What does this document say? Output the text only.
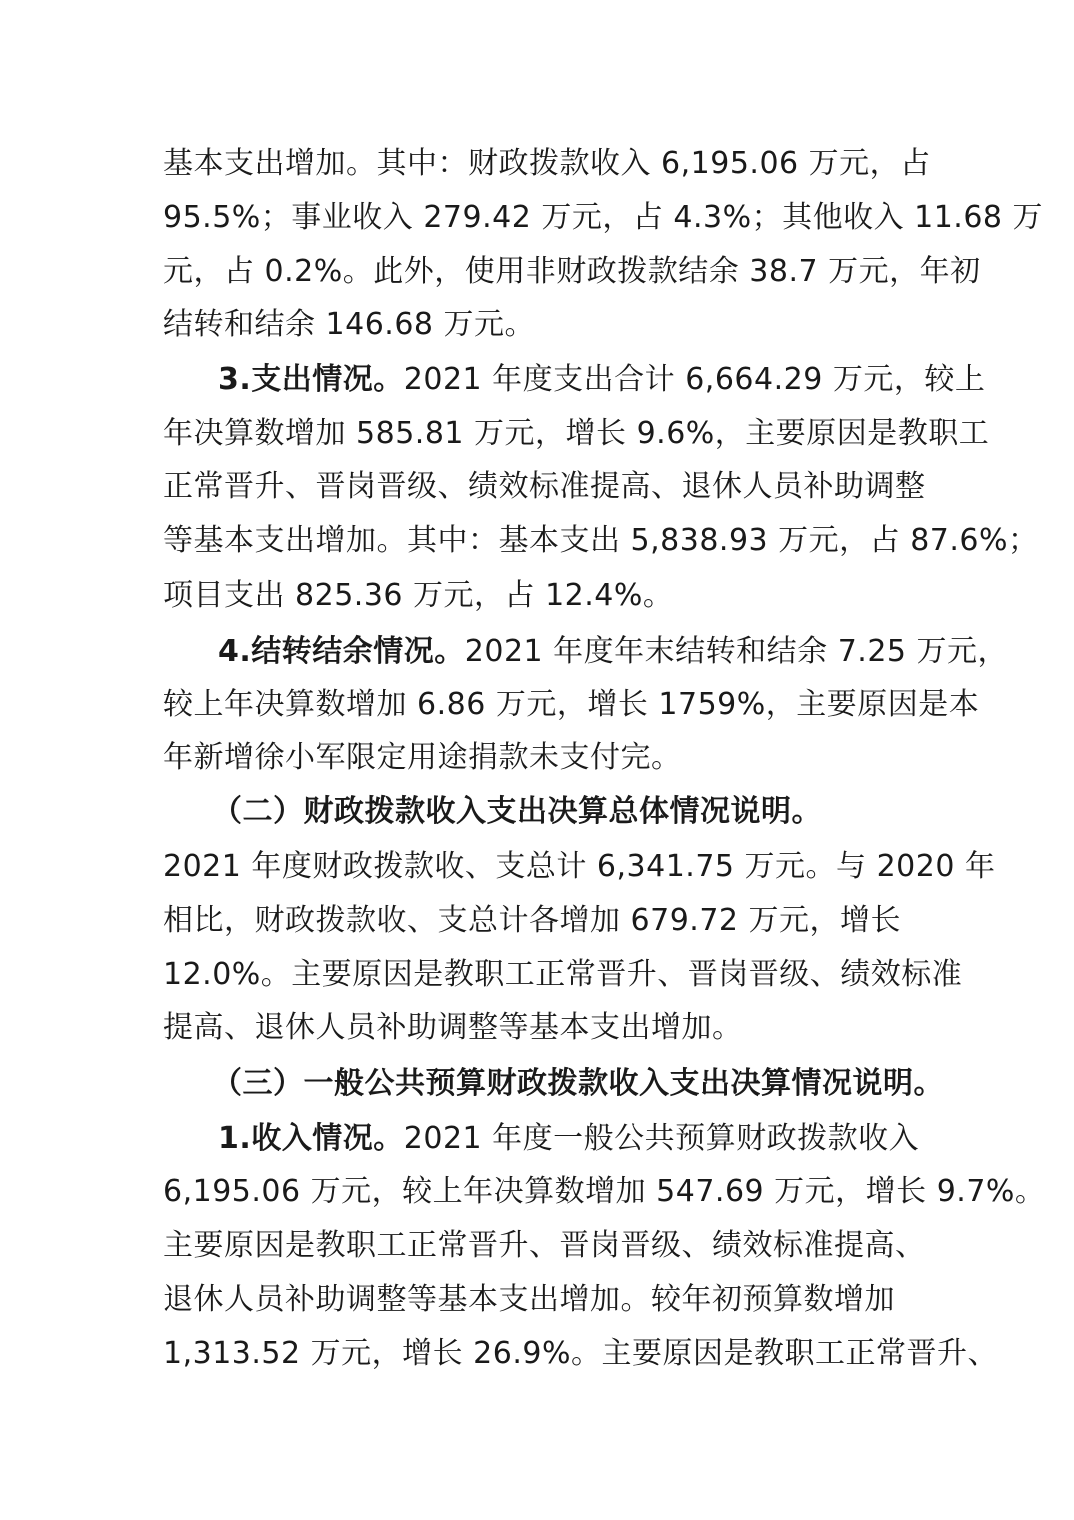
基本支出增加。其中：财政拨款收入 6,195.06 万元，占
95.5%；事业收入 279.42 万元，占 4.3%；其他收入 11.68 万
元，占 0.2%。此外，使用非财政拨款结余 38.7 万元，年初
结转和结余 146.68 万元。
3.支出情况。2021 年度支出合计 6,664.29 万元，较上
年决算数增加 585.81 万元，增长 9.6%，主要原因是教职工
正常晋升、晋岗晋级、绩效标准提高、退休人员补助调整
等基本支出增加。其中：基本支出 5,838.93 万元，占 87.6%；
项目支出 825.36 万元，占 12.4%。
4.结转结余情况。2021 年度年末结转和结余 7.25 万元，
较上年决算数增加 6.86 万元，增长 1759%，主要原因是本
年新增徐小军限定用途捐款未支付完。
（二）财政拨款收入支出决算总体情况说明。
2021 年度财政拨款收、支总计 6,341.75 万元。与 2020 年
相比，财政拨款收、支总计各增加 679.72 万元，增长
12.0%。主要原因是教职工正常晋升、晋岗晋级、绩效标准
提高、退休人员补助调整等基本支出增加。
（三）一般公共预算财政拨款收入支出决算情况说明。
1.收入情况。2021 年度一般公共预算财政拨款收入
6,195.06 万元，较上年决算数增加 547.69 万元，增长 9.7%。
主要原因是教职工正常晋升、晋岗晋级、绩效标准提高、
退休人员补助调整等基本支出增加。较年初预算数增加
1,313.52 万元，增长 26.9%。主要原因是教职工正常晋升、
